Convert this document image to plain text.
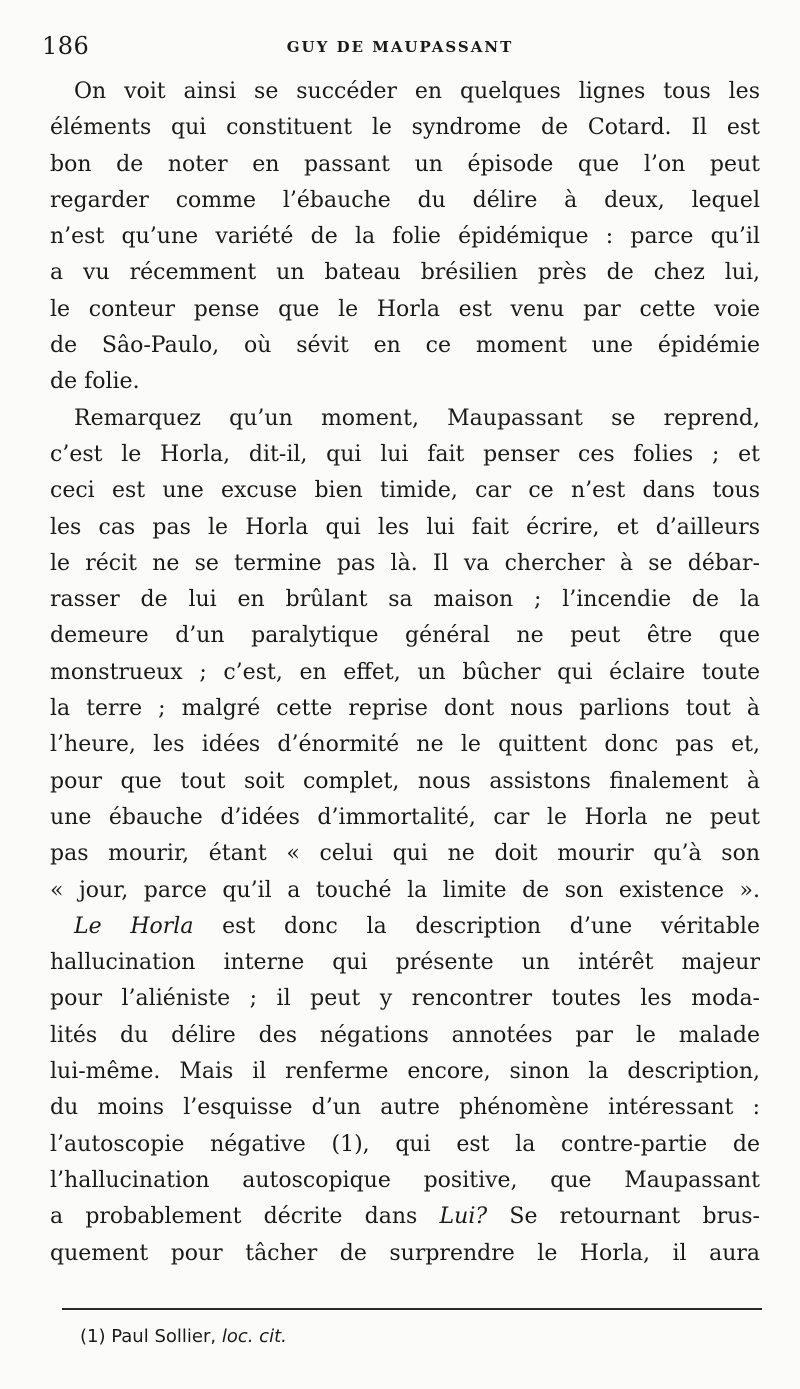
186	GUY DE MAUPASSANT
On voit ainsi se succéder en quelques lignes tous les
éléments qui constituent le syndrome de Cotard. Il est
bon de noter en passant un épisode que l’on peut
regarder comme l’ébauche du délire à deux, lequel
n’est qu’une variété de la folie épidémique : parce qu’il
a vu récemment un bateau brésilien près de chez lui,
le conteur pense que le Horla est venu par cette voie
de Sâo-Paulo, où sévit en ce moment une épidémie
de folie.
Remarquez qu’un moment, Maupassant se reprend,
c’est le Horla, dit-il, qui lui fait penser ces folies ; et
ceci est une excuse bien timide, car ce n’est dans tous
les cas pas le Horla qui les lui fait écrire, et d’ailleurs
le récit ne se termine pas là. Il va chercher à se débar-
rasser de lui en brûlant sa maison ; l’incendie de la
demeure d’un paralytique général ne peut être que
monstrueux ; c’est, en effet, un bûcher qui éclaire toute
la terre ; malgré cette reprise dont nous parlions tout à
l’heure, les idées d’énormité ne le quittent donc pas et,
pour que tout soit complet, nous assistons finalement à
une ébauche d’idées d’immortalité, car le Horla ne peut
pas mourir, étant « celui qui ne doit mourir qu’à son
« jour, parce qu’il a touché la limite de son existence ».
Le Horla est donc la description d’une véritable
hallucination interne qui présente un intérêt majeur
pour l’aliéniste ; il peut y rencontrer toutes les moda-
lités du délire des négations annotées par le malade
lui-même. Mais il renferme encore, sinon la description,
du moins l’esquisse d’un autre phénomène intéressant :
l’autoscopie négative (1), qui est la contre-partie de
l’hallucination autoscopique positive, que Maupassant
a probablement décrite dans Lui? Se retournant brus-
quement pour tâcher de surprendre le Horla, il aura
(1) Paul Sollier, loc. cit.
